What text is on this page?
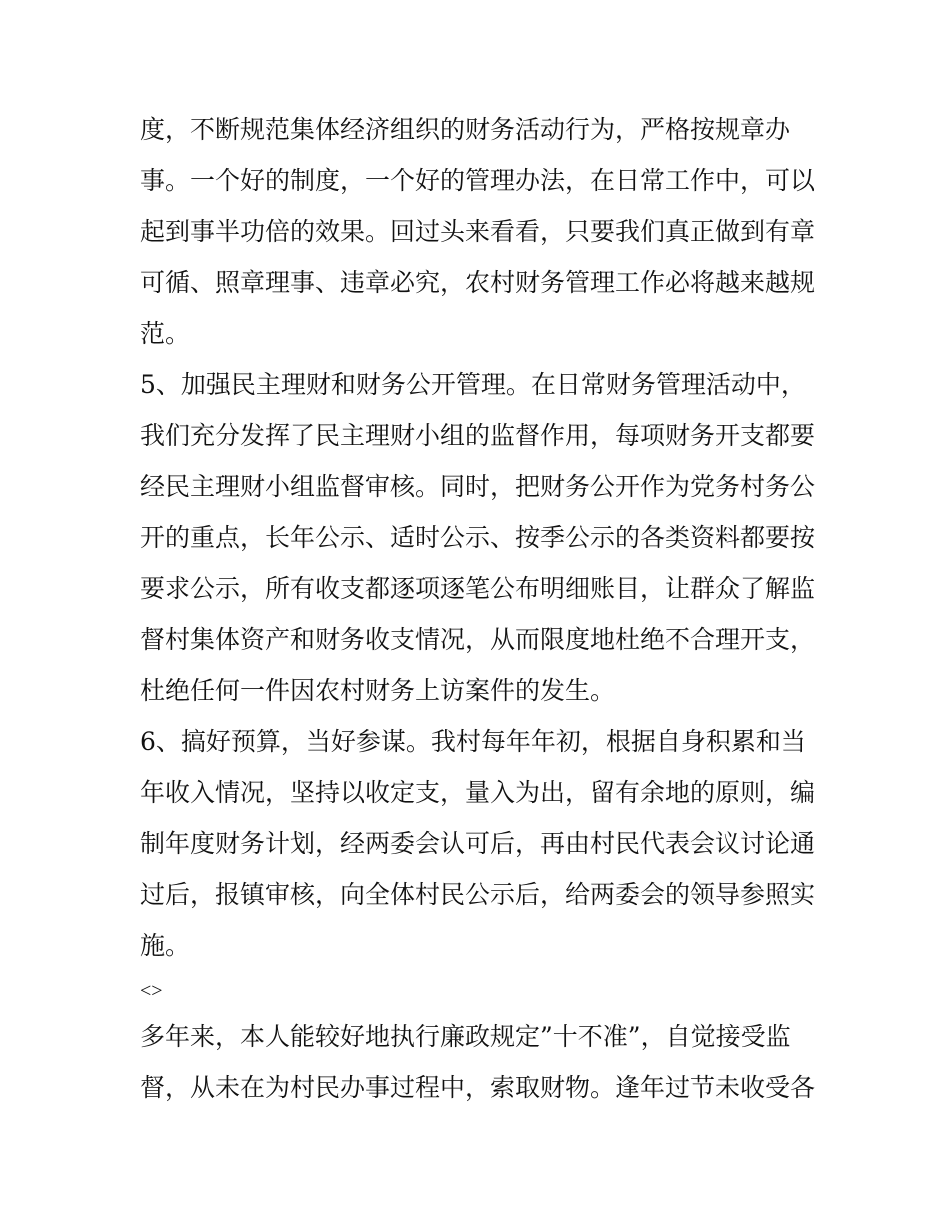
度，不断规范集体经济组织的财务活动行为，严格按规章办
事。一个好的制度，一个好的管理办法，在日常工作中，可以
起到事半功倍的效果。回过头来看看，只要我们真正做到有章
可循、照章理事、违章必究，农村财务管理工作必将越来越规
范。
5、加强民主理财和财务公开管理。在日常财务管理活动中，
我们充分发挥了民主理财小组的监督作用，每项财务开支都要
经民主理财小组监督审核。同时，把财务公开作为党务村务公
开的重点，长年公示、适时公示、按季公示的各类资料都要按
要求公示，所有收支都逐项逐笔公布明细账目，让群众了解监
督村集体资产和财务收支情况，从而限度地杜绝不合理开支，
杜绝任何一件因农村财务上访案件的发生。
6、搞好预算，当好参谋。我村每年年初，根据自身积累和当
年收入情况，坚持以收定支，量入为出，留有余地的原则，编
制年度财务计划，经两委会认可后，再由村民代表会议讨论通
过后，报镇审核，向全体村民公示后，给两委会的领导参照实
施。
<>
多年来，本人能较好地执行廉政规定”十不准”，自觉接受监
督，从未在为村民办事过程中，索取财物。逢年过节未收受各
